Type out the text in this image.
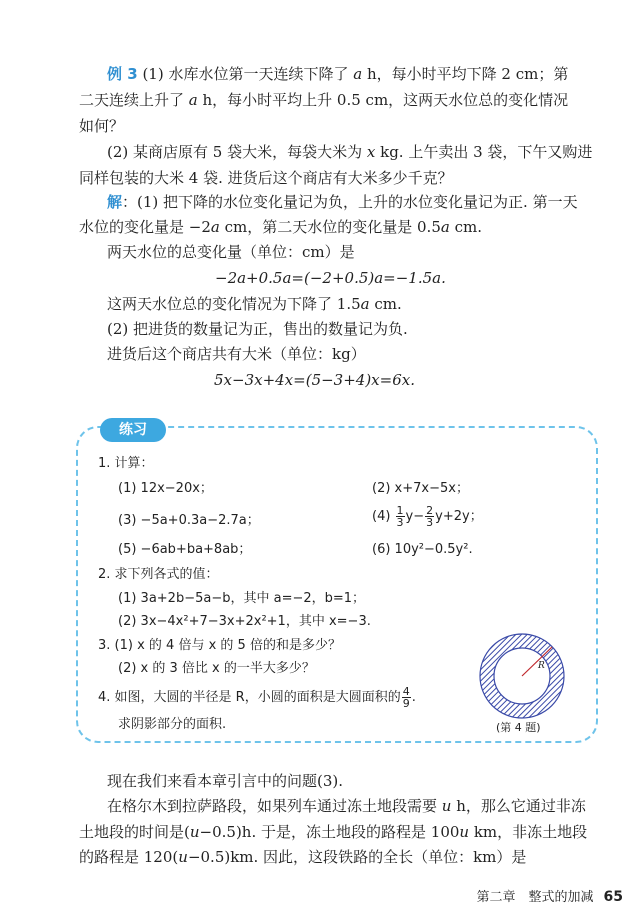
例 3 (1) 水库水位第一天连续下降了 a h，每小时平均下降 2 cm；第
二天连续上升了 a h，每小时平均上升 0.5 cm，这两天水位总的变化情况
如何？
(2) 某商店原有 5 袋大米，每袋大米为 x kg. 上午卖出 3 袋，下午又购进
同样包装的大米 4 袋. 进货后这个商店有大米多少千克？
解：(1) 把下降的水位变化量记为负，上升的水位变化量记为正. 第一天
水位的变化量是 −2a cm，第二天水位的变化量是 0.5a cm.
两天水位的总变化量（单位：cm）是
−2a+0.5a=(−2+0.5)a=−1.5a.
这两天水位总的变化情况为下降了 1.5a cm.
(2) 把进货的数量记为正，售出的数量记为负.
进货后这个商店共有大米（单位：kg）
5x−3x+4x=(5−3+4)x=6x.
练习
1. 计算：
(1) 12x−20x；	(2) x+7x−5x；
(3) −5a+0.3a−2.7a；	$(4) \frac{1}{3} y- \frac{2}{3} y+2y$；
(5) −6ab+ba+8ab；	(6) 10y²−0.5y².
2. 求下列各式的值：
(1) 3a+2b−5a−b，其中 a=−2，b=1；
(2) 3x−4x²+7−3x+2x²+1，其中 x=−3.
3. (1) x 的 4 倍与 x 的 5 倍的和是多少？
(2) x 的 3 倍比 x 的一半大多少？
4. 如图，大圆的半径是 R，小圆的面积是大圆面积的 $\frac{4}{9}$ .
求阴影部分的面积.
R
(第 4 题)
现在我们来看本章引言中的问题(3).
在格尔木到拉萨路段，如果列车通过冻土地段需要 u h，那么它通过非冻
土地段的时间是(u−0.5)h. 于是，冻土地段的路程是 100u km，非冻土地段
的路程是 120(u−0.5)km. 因此，这段铁路的全长（单位：km）是
第二章　整式的加减 65
